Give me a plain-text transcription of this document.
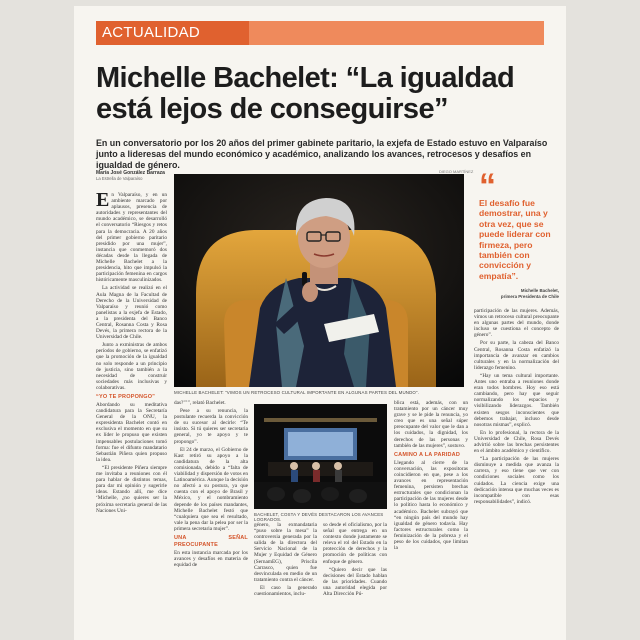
ACTUALIDAD
Michelle Bachelet: “La igualdad está lejos de conseguirse”

En un conversatorio por los 20 años del primer gabinete paritario, la exjefa de Estado estuvo en Valparaíso junto a lideresas del mundo económico y académico, analizando los avances, retrocesos y desafíos en igualdad de género.

María José González Barraza
La Estrella de Valparaíso

En Valparaíso, y en un ambiente marcado por aplausos, presencia de autoridades y representantes del mundo académico, se desarrolló el conversatorio “Riesgos y retos para la democracia. A 20 años del primer gobierno paritario presidido por una mujer”, instancia que conmemoró dos décadas desde la llegada de Michelle Bachelet a la presidencia, hito que impulsó la participación femenina en cargos históricamente masculinizados.

La actividad se realizó en el Aula Magna de la Facultad de Derecho de la Universidad de Valparaíso y reunió como panelistas a la exjefa de Estado, a la presidenta del Banco Central, Rosanna Costa y Rosa Devés, la primera rectora de la Universidad de Chile.

Junto a exministras de ambos períodos de gobierno, se enfatizó que la promoción de la igualdad no solo responde a un principio de justicia, sino también a la necesidad de construir sociedades más inclusivas y colaborativas.

“YO TE PROPONGO”

Abordando su meditativa candidatura para la Secretaría General de la ONU, la expresidenta Bachelet contó en exclusiva el momento en que su ex líder le propuso que existen impensables postulaciones tomó forma: fue el difunto mandatario Sebastián Piñera quien propuso la idea.

“El presidente Piñera siempre me invitaba a reuniones con él para hablar de distintos temas, para dar mi opinión y sugerirle ideas. Estando allí, me dice ‘Michelle, ¿no quieres ser la próxima secretaria general de las Naciones Uni-

DIEGO MARTÍNEZ
MICHELLE BACHELET: “VIMOS UN RETROCESO CULTURAL IMPORTANTE EN ALGUNAS PARTES DEL MUNDO”.
“
El desafío fue demostrar, una y otra vez, que se puede liderar con firmeza, pero también con convicción y empatía”.
Michelle Bachelet,
primera Presidenta de Chile

das?”’”, relató Bachelet.

Pese a su renuncia, la postulante recuerda la convicción de su sucesor al decirle: “Te insisto. Si tú quieres ser secretaria general, yo te apoyo y te propongo”.

El 24 de marzo, el Gobierno de Kast retiró su apoyo a la candidatura de la alta comisionada, debido a “falta de viabilidad y dispersión de votos en Latinoamérica. Aunque la decisión no afectó a su postura, ya que cuenta con el apoyo de Brasil y México, y el nombramiento depende de los países mandantes, Michelle Bachelet festó que “cualquiera que sea el resultado, vale la pena dar la pelea por ser la primera secretaria mujer”.

UNA SEÑAL PREOCUPANTE

En esta instancia marcada por los avances y desafíos en materia de equidad de

BACHELET, COSTA Y DEVÉS DESTACARON LOS AVANCES LOGRADOS.

género, la exmandataria “puso sobre la mesa” la controversia generada por la salida de la directora del Servicio Nacional de la Mujer y Equidad de Género (SernamEG), Priscila Carrasco, quien fue desvinculada en medio de un tratamiento contra el cáncer.

El caso la generado cuestionamientos, inclu-

so desde el oficialismo, por la señal que entrega en un contexto donde justamente se releva el rol del Estado en la protección de derechos y la promoción de políticas con enfoque de género.

“Quiero decir que las decisiones del Estado hablan de las prioridades. Cuando una autoridad elegida por Alta Dirección Pú-

blica está, además, con un tratamiento por un cáncer muy grave y se le pide la renuncia, yo creo que es una señal súper preocupante del valor que le dan a los cuidados, la dignidad, los derechos de las personas y también de las mujeres”, sostuvo.

CAMINO A LA PARIDAD

Llegando al cierre de la conversación, las expositoras coincidieron en que, pese a los avances en representación femenina, persisten brechas estructurales que condicionan la participación de las mujeres desde lo político hasta lo económico y académico. Bachelet subrayó que “en ningún país del mundo hay igualdad de género todavía. Hay factores estructurales como la feminización de la pobreza y el peso de los cuidados, que limitan la

participación de las mujeres. Además, vimos un retroceso cultural preocupante en algunas partes del mundo, donde incluso se cuestiona el concepto de género”.

Por su parte, la cabeza del Banco Central, Rosanna Costa enfatizó la importancia de avanzar en cambios culturales y en la normalización del liderazgo femenino.

“Hay un tema cultural importante. Antes uno entraba a reuniones donde eran todos hombres. Hoy eso está cambiando, pero hay que seguir normalizando los espacios y visibilizando liderazgos. También existen sesgos inconscientes que debemos trabajar, incluso desde nosotras mismas”, explicó.

En lo profesional, la rectora de la Universidad de Chile, Rosa Devés advirtió sobre las brechas persistentes en el ámbito académico y científico.

“La participación de las mujeres disminuye a medida que avanza la carrera, y eso tiene que ver con condiciones sociales como los cuidados. La ciencia exige una dedicación intensa que muchas veces es incompatible con esas responsabilidades”, indicó.
